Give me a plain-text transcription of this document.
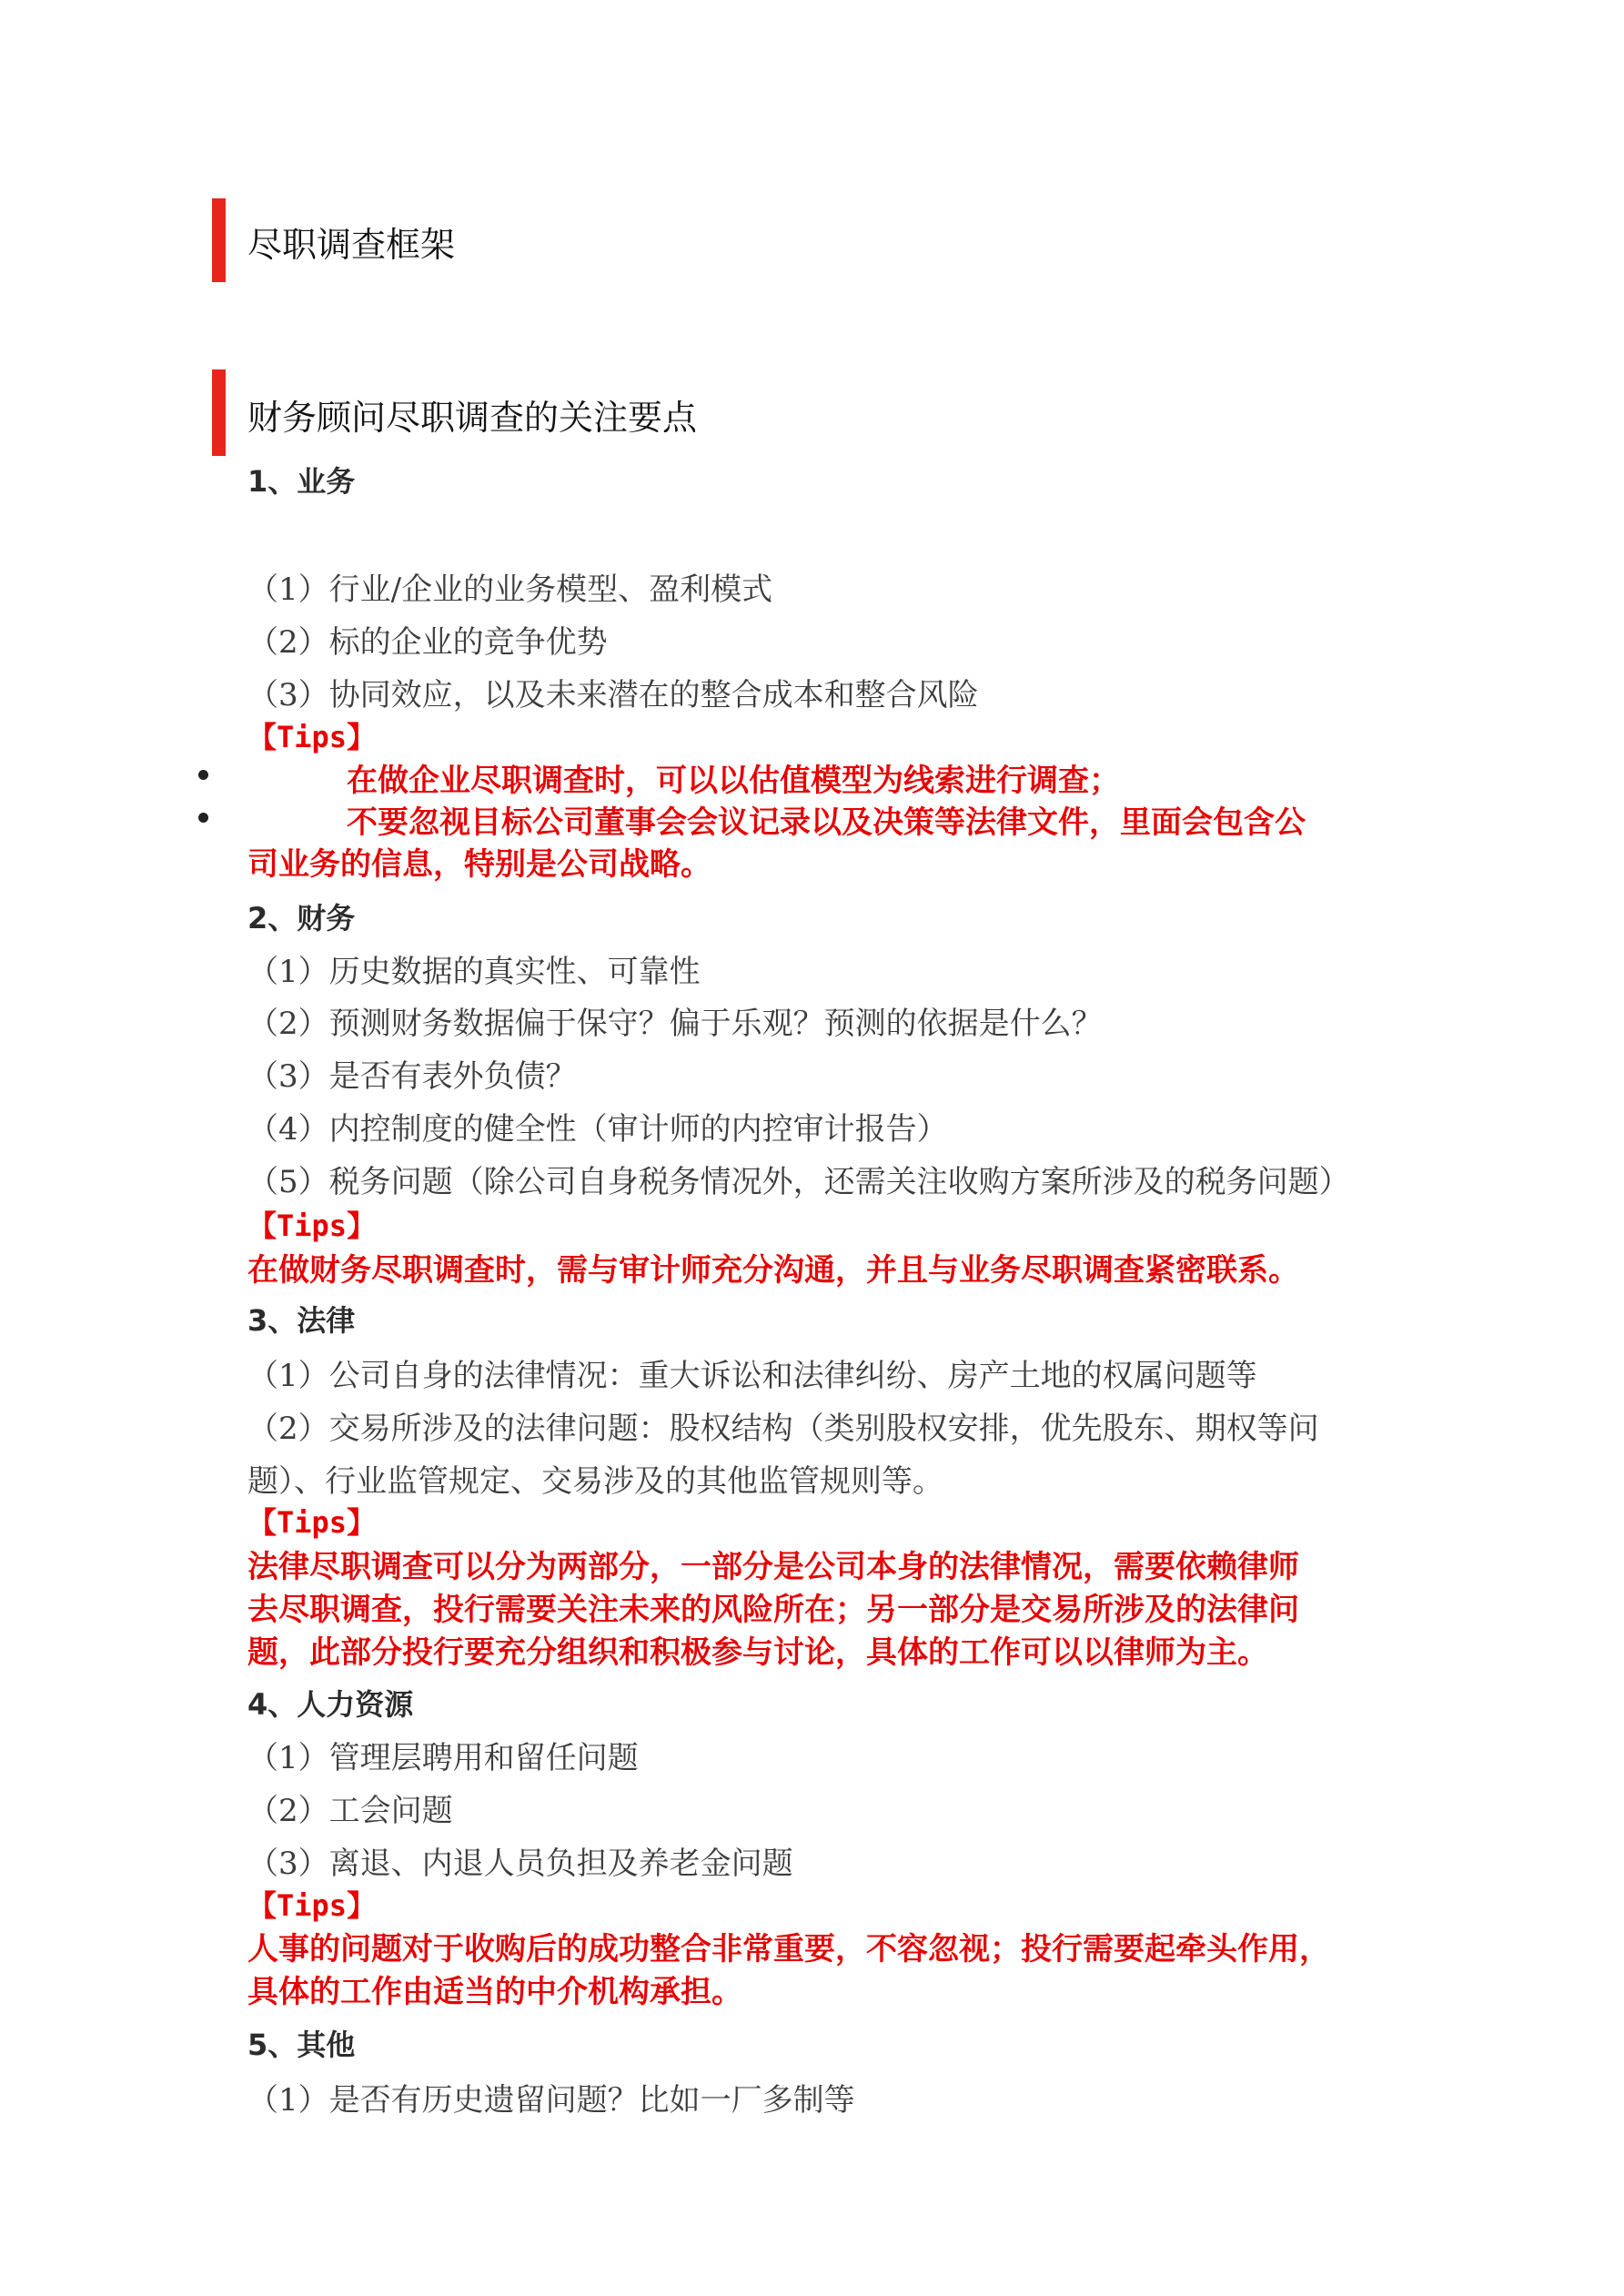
尽职调查框架
财务顾问尽职调查的关注要点
1、业务
（1）行业/企业的业务模型、盈利模式
（2）标的企业的竞争优势
（3）协同效应，以及未来潜在的整合成本和整合风险
【Tips】
在做企业尽职调查时，可以以估值模型为线索进行调查；
不要忽视目标公司董事会会议记录以及决策等法律文件，里面会包含公
司业务的信息，特别是公司战略。
2、财务
（1）历史数据的真实性、可靠性
（2）预测财务数据偏于保守？偏于乐观？预测的依据是什么？
（3）是否有表外负债？
（4）内控制度的健全性（审计师的内控审计报告）
（5）税务问题（除公司自身税务情况外，还需关注收购方案所涉及的税务问题）
【Tips】
在做财务尽职调查时，需与审计师充分沟通，并且与业务尽职调查紧密联系。
3、法律
（1）公司自身的法律情况：重大诉讼和法律纠纷、房产土地的权属问题等
（2）交易所涉及的法律问题：股权结构（类别股权安排，优先股东、期权等问
题）、行业监管规定、交易涉及的其他监管规则等。
【Tips】
法律尽职调查可以分为两部分，一部分是公司本身的法律情况，需要依赖律师
去尽职调查，投行需要关注未来的风险所在；另一部分是交易所涉及的法律问
题，此部分投行要充分组织和积极参与讨论，具体的工作可以以律师为主。
4、人力资源
（1）管理层聘用和留任问题
（2）工会问题
（3）离退、内退人员负担及养老金问题
【Tips】
人事的问题对于收购后的成功整合非常重要，不容忽视；投行需要起牵头作用，
具体的工作由适当的中介机构承担。
5、其他
（1）是否有历史遗留问题？比如一厂多制等
